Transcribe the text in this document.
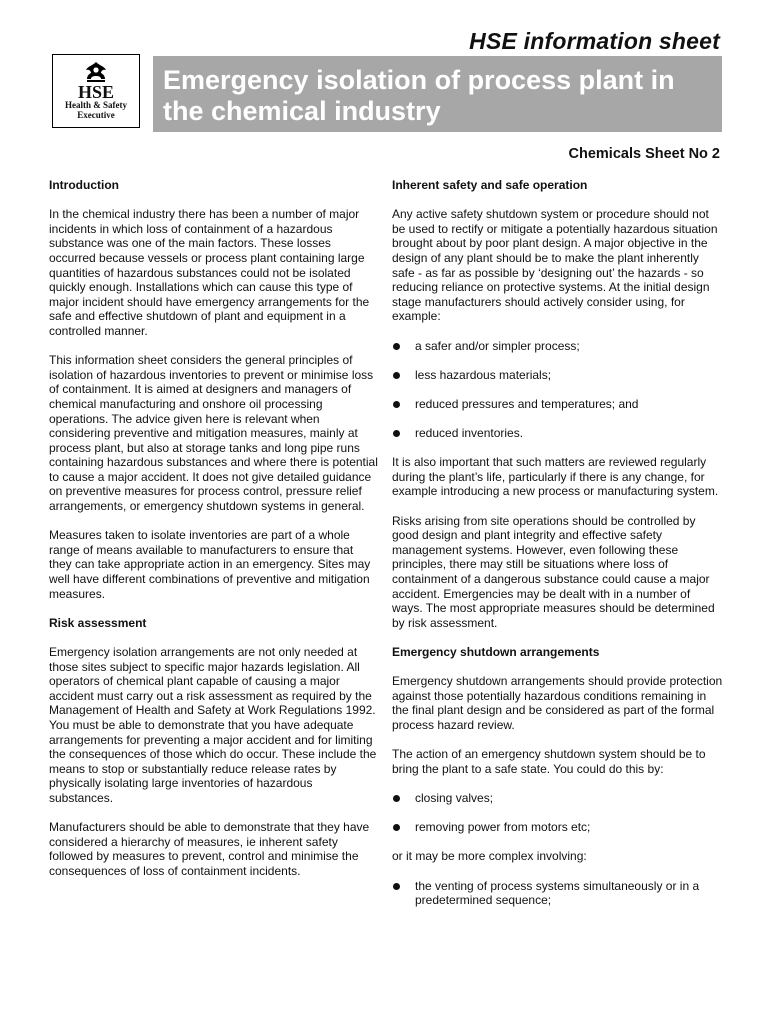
HSE information sheet
HSE
Health & Safety
Executive
Emergency isolation of process plant in the chemical industry
Chemicals Sheet No 2
Introduction

In the chemical industry there has been a number of major incidents in which loss of containment of a hazardous substance was one of the main factors. These losses occurred because vessels or process plant containing large quantities of hazardous substances could not be isolated quickly enough. Installations which can cause this type of major incident should have emergency arrangements for the safe and effective shutdown of plant and equipment in a controlled manner.

This information sheet considers the general principles of isolation of hazardous inventories to prevent or minimise loss of containment. It is aimed at designers and managers of chemical manufacturing and onshore oil processing operations. The advice given here is relevant when considering preventive and mitigation measures, mainly at process plant, but also at storage tanks and long pipe runs containing hazardous substances and where there is potential to cause a major accident. It does not give detailed guidance on preventive measures for process control, pressure relief arrangements, or emergency shutdown systems in general.

Measures taken to isolate inventories are part of a whole range of means available to manufacturers to ensure that they can take appropriate action in an emergency. Sites may well have different combinations of preventive and mitigation measures.

Risk assessment

Emergency isolation arrangements are not only needed at those sites subject to specific major hazards legislation. All operators of chemical plant capable of causing a major accident must carry out a risk assessment as required by the Management of Health and Safety at Work Regulations 1992. You must be able to demonstrate that you have adequate arrangements for preventing a major accident and for limiting the consequences of those which do occur. These include the means to stop or substantially reduce release rates by physically isolating large inventories of hazardous substances.

Manufacturers should be able to demonstrate that they have considered a hierarchy of measures, ie inherent safety followed by measures to prevent, control and minimise the consequences of loss of containment incidents.

Inherent safety and safe operation

Any active safety shutdown system or procedure should not be used to rectify or mitigate a potentially hazardous situation brought about by poor plant design. A major objective in the design of any plant should be to make the plant inherently safe - as far as possible by ‘designing out’ the hazards - so reducing reliance on protective systems. At the initial design stage manufacturers should actively consider using, for example:

a safer and/or simpler process;
less hazardous materials;
reduced pressures and temperatures; and
reduced inventories.

It is also important that such matters are reviewed regularly during the plant’s life, particularly if there is any change, for example introducing a new process or manufacturing system.

Risks arising from site operations should be controlled by good design and plant integrity and effective safety management systems. However, even following these principles, there may still be situations where loss of containment of a dangerous substance could cause a major accident. Emergencies may be dealt with in a number of ways. The most appropriate measures should be determined by risk assessment.

Emergency shutdown arrangements

Emergency shutdown arrangements should provide protection against those potentially hazardous conditions remaining in the final plant design and be considered as part of the formal process hazard review.

The action of an emergency shutdown system should be to bring the plant to a safe state. You could do this by:

closing valves;
removing power from motors etc;

or it may be more complex involving:

the venting of process systems simultaneously or in a predetermined sequence;
